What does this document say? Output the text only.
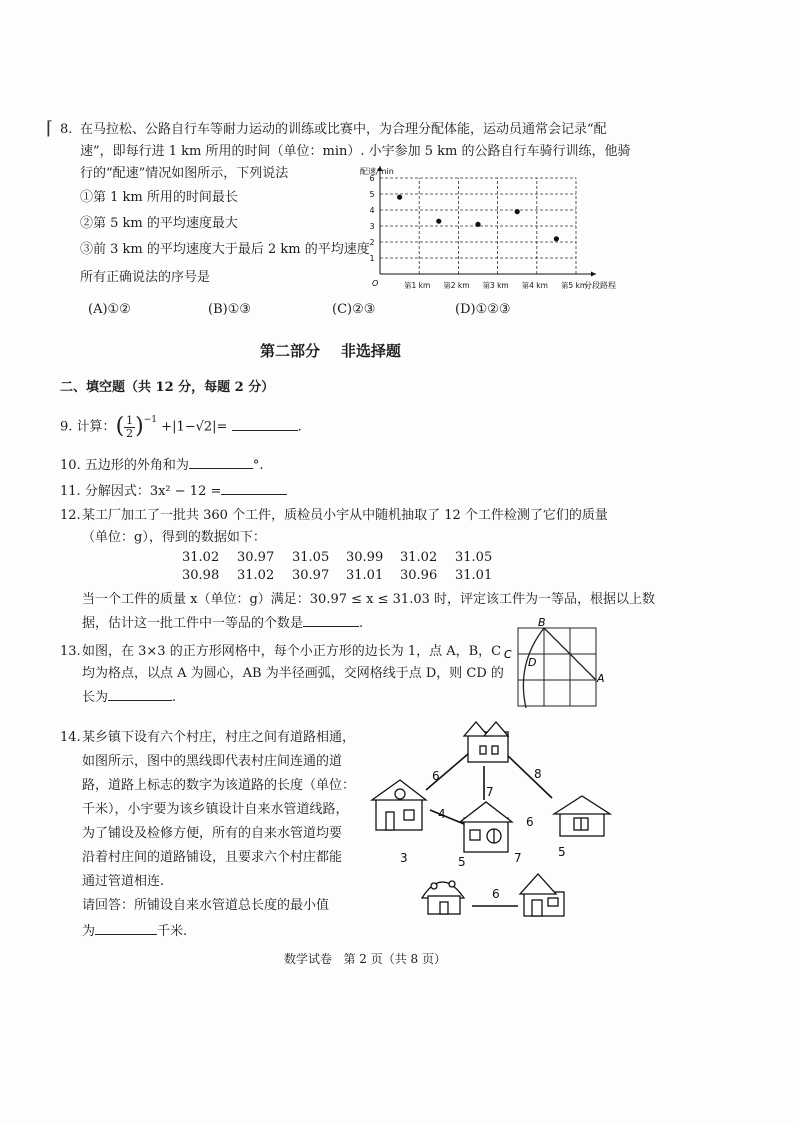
⌈ 8. 在马拉松、公路自行车等耐力运动的训练或比赛中，为合理分配体能，运动员通常会记录“配
速”，即每行进 1 km 所用的时间（单位：min）. 小宇参加 5 km 的公路自行车骑行训练，他骑
行的“配速”情况如图所示，下列说法
①第 1 km 所用的时间最长
②第 5 km 的平均速度最大
③前 3 km 的平均速度大于最后 2 km 的平均速度
所有正确说法的序号是
1
2
3
4
5
6
配速/min
分段路程
O	第1 km 第2 km 第3 km 第4 km 第5 km
(A)①②	(B)①③	(C)②③	(D)①②③
第二部分    非选择题
二、填空题（共 12 分，每题 2 分）
9. 计算：( $\frac{1}{2} )^{-1} +|1-√2|=$	.
10. 五边形的外角和为	°.
11. 分解因式：3x² − 12 =
12. 某工厂加工了一批共 360 个工件，质检员小宇从中随机抽取了 12 个工件检测了它们的质量
（单位：g），得到的数据如下：
31.02	30.97	31.05	30.99	31.02	31.05
30.98	31.02	30.97	31.01	30.96	31.01
当一个工件的质量 x（单位：g）满足：30.97 ≤ x ≤ 31.03 时，评定该工件为一等品，根据以上数
据，估计这一批工件中一等品的个数是	.
13. 如图，在 3×3 的正方形网格中，每个小正方形的边长为 1，点 A，B，C
均为格点，以点 A 为圆心，AB 为半径画弧，交网格线于点 D，则 CD 的
长为	.
B
C
D
A
14. 某乡镇下设有六个村庄，村庄之间有道路相通，
如图所示，图中的黑线即代表村庄间连通的道
路，道路上标志的数字为该道路的长度（单位：
千米），小宇要为该乡镇设计自来水管道线路，
为了铺设及检修方便，所有的自来水管道均要
沿着村庄间的道路铺设，且要求六个村庄都能
通过管道相连.
请回答：所铺设自来水管道总长度的最小值
为	千米.
6	8
7
4
6
3	5	7	5
6
数学试卷   第 2 页（共 8 页）
